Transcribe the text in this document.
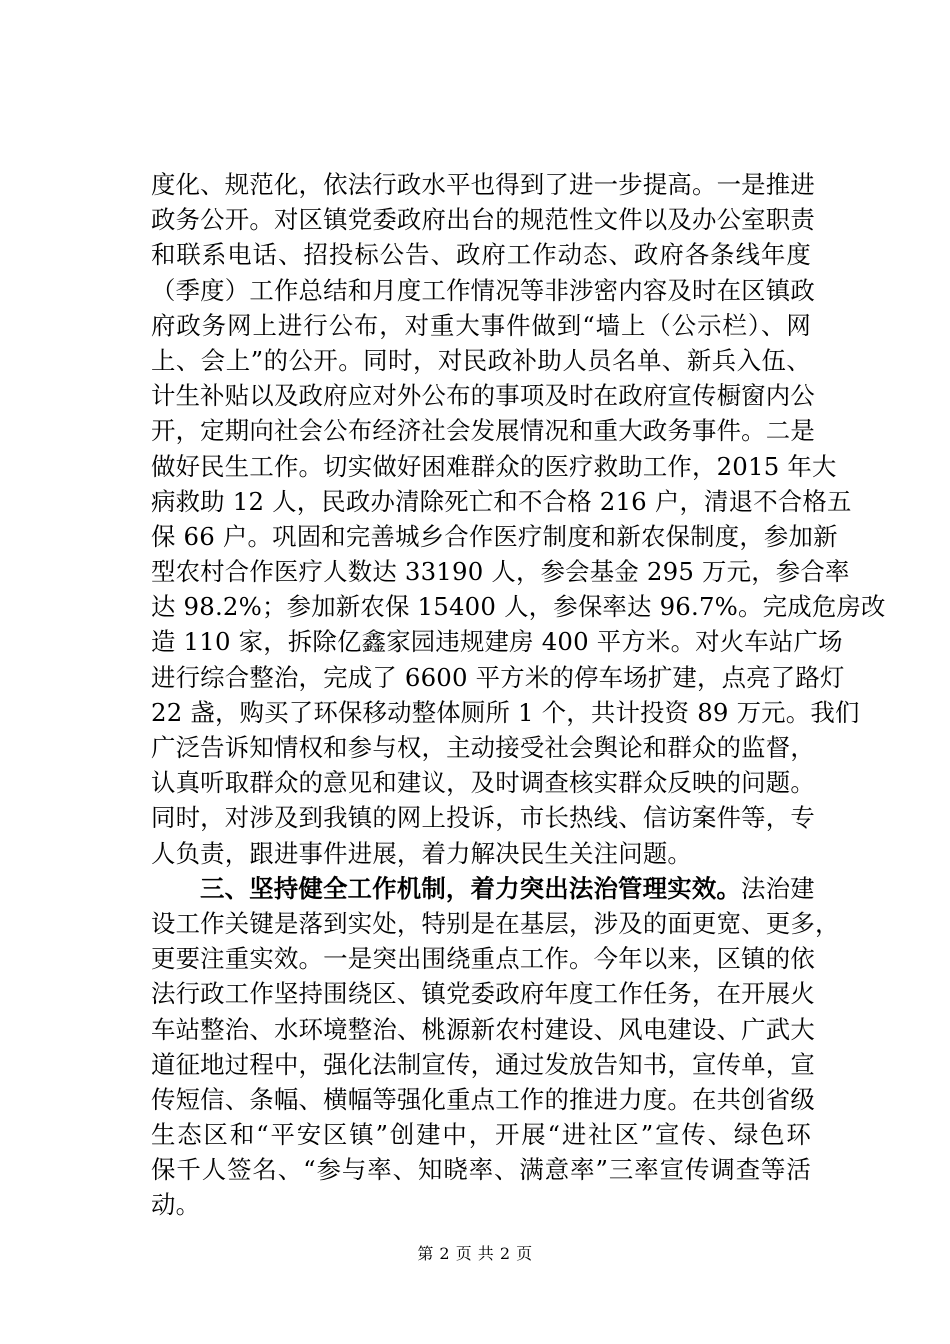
度化、规范化，依法行政水平也得到了进一步提高。一是推进
政务公开。对区镇党委政府出台的规范性文件以及办公室职责
和联系电话、招投标公告、政府工作动态、政府各条线年度
（季度）工作总结和月度工作情况等非涉密内容及时在区镇政
府政务网上进行公布，对重大事件做到“墙上（公示栏）、网
上、会上”的公开。同时，对民政补助人员名单、新兵入伍、
计生补贴以及政府应对外公布的事项及时在政府宣传橱窗内公
开，定期向社会公布经济社会发展情况和重大政务事件。二是
做好民生工作。切实做好困难群众的医疗救助工作，2015 年大
病救助 12 人，民政办清除死亡和不合格 216 户，清退不合格五
保 66 户。巩固和完善城乡合作医疗制度和新农保制度，参加新
型农村合作医疗人数达 33190 人，参会基金 295 万元，参合率
达 98.2%；参加新农保 15400 人，参保率达 96.7%。完成危房改
造 110 家，拆除亿鑫家园违规建房 400 平方米。对火车站广场
进行综合整治，完成了 6600 平方米的停车场扩建，点亮了路灯
22 盏，购买了环保移动整体厕所 1 个，共计投资 89 万元。我们
广泛告诉知情权和参与权，主动接受社会舆论和群众的监督，
认真听取群众的意见和建议，及时调查核实群众反映的问题。
同时，对涉及到我镇的网上投诉，市长热线、信访案件等，专
人负责，跟进事件进展，着力解决民生关注问题。
三、坚持健全工作机制，着力突出法治管理实效。法治建
设工作关键是落到实处，特别是在基层，涉及的面更宽、更多，
更要注重实效。一是突出围绕重点工作。今年以来，区镇的依
法行政工作坚持围绕区、镇党委政府年度工作任务，在开展火
车站整治、水环境整治、桃源新农村建设、风电建设、广武大
道征地过程中，强化法制宣传，通过发放告知书，宣传单，宣
传短信、条幅、横幅等强化重点工作的推进力度。在共创省级
生态区和“平安区镇”创建中，开展“进社区”宣传、绿色环
保千人签名、“参与率、知晓率、满意率”三率宣传调查等活
动。
第 2 页 共 2 页
